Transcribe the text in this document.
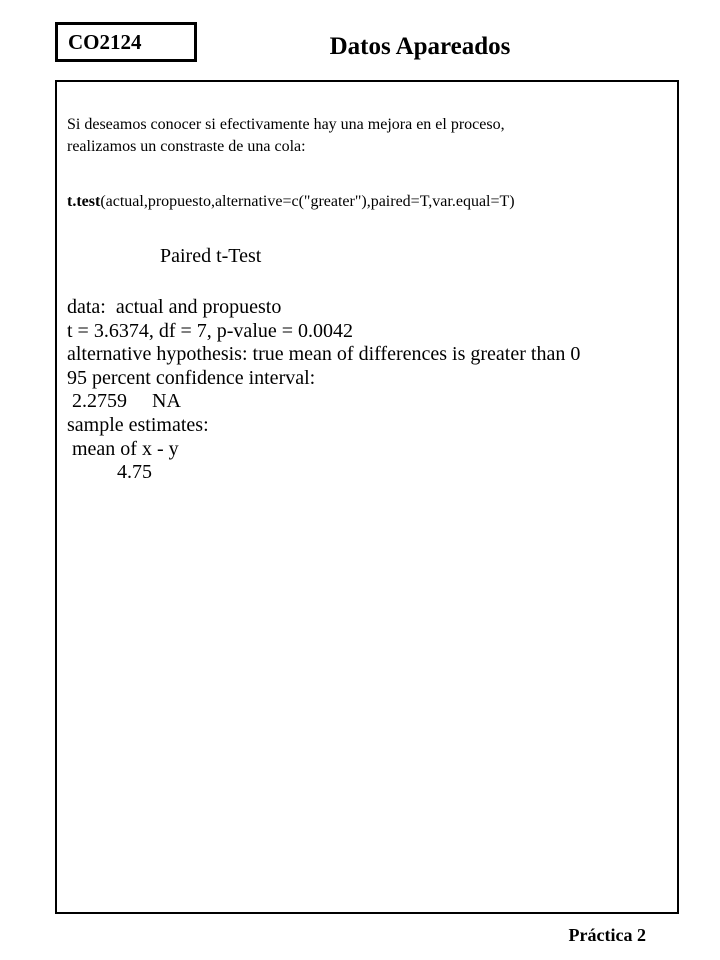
CO2124	Datos Apareados

Si deseamos conocer si efectivamente hay una mejora en el proceso,
realizamos un constraste de una cola:

t.test(actual,propuesto,alternative=c("greater"),paired=T,var.equal=T)

Paired t-Test

data:  actual and propuesto
t = 3.6374, df = 7, p-value = 0.0042
alternative hypothesis: true mean of differences is greater than 0
95 percent confidence interval:
2.2759     NA
sample estimates:
mean of x - y
4.75
Práctica 2
